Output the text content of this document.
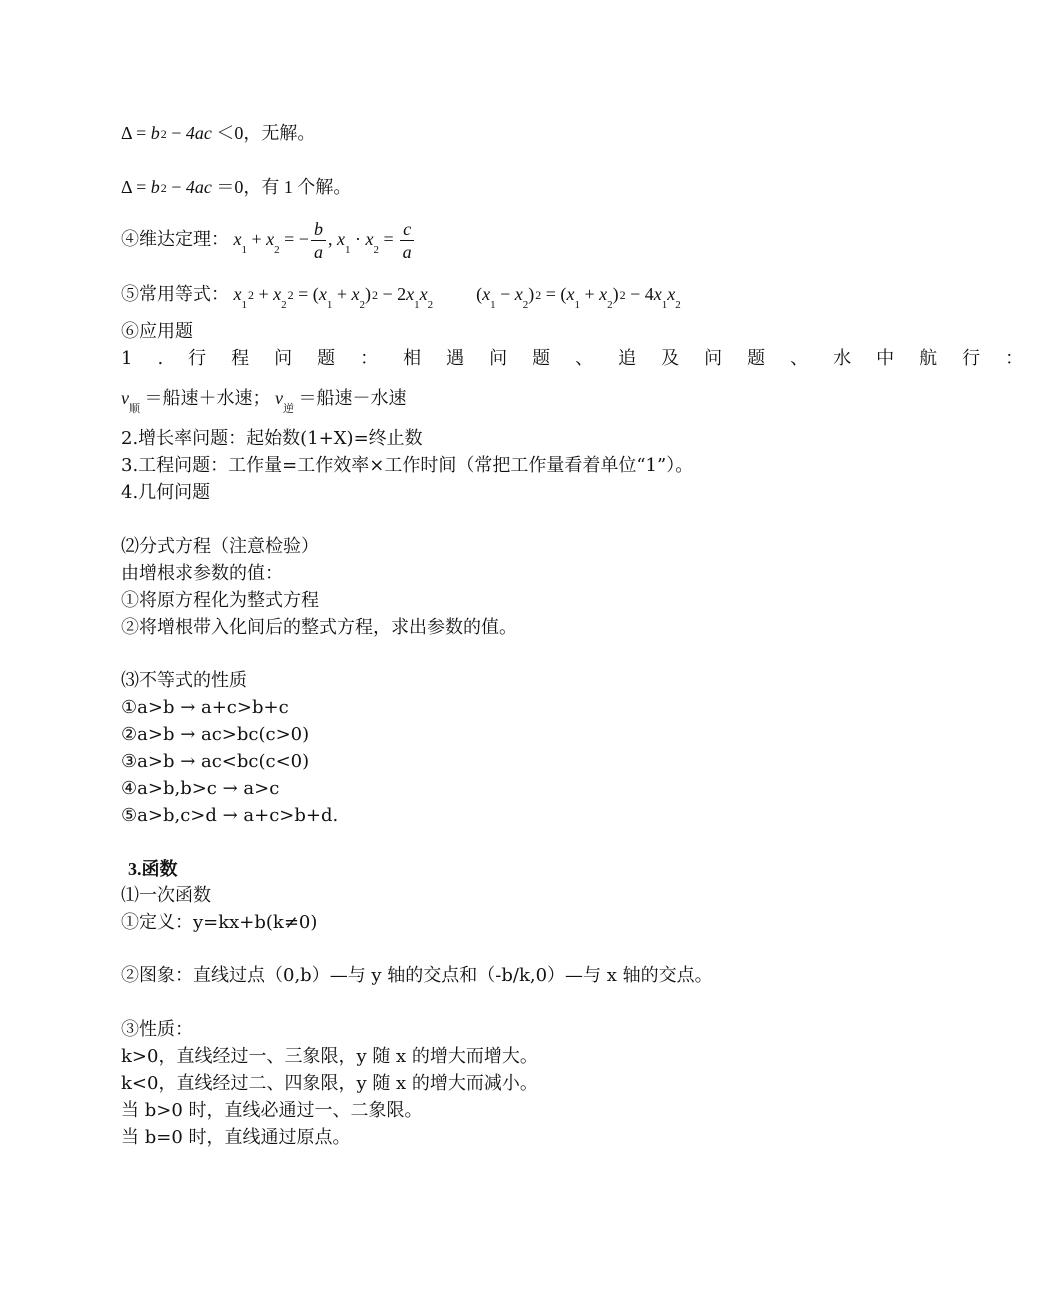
Δ = b2 − 4ac ＜0，无解。
Δ = b2 − 4ac ＝0，有 1 个解。
④维达定理： $x_1 + x_2$ = − $\frac{b}{a}$ , $x_1 \cdot x_2 = \frac{c}{a}$
⑤常用等式： $x_12 + x_22 = (x_1 + x_2)2 - 2x_1x_2$  $(x_1 - x_2)2 = (x_1 + x_2)2 - 4x_1x_2$
⑥应用题
1.行程问题：相遇问题、追及问题、水中航行：
$v_顺$ ＝船速＋水速； $v_逆$ ＝船速－水速
2.增长率问题：起始数(1+X)=终止数
3.工程问题：工作量=工作效率×工作时间（常把工作量看着单位“1”）。
4.几何问题
⑵分式方程（注意检验）
由增根求参数的值：
①将原方程化为整式方程
②将增根带入化间后的整式方程，求出参数的值。
⑶不等式的性质
①a>b → a+c>b+c
②a>b → ac>bc(c>0)
③a>b → ac<bc(c<0)
④a>b,b>c → a>c
⑤a>b,c>d → a+c>b+d.
3.函数
⑴一次函数
①定义：y=kx+b(k≠0)
②图象：直线过点（0,b）—与 y 轴的交点和（-b/k,0）—与 x 轴的交点。
③性质：
k>0，直线经过一、三象限，y 随 x 的增大而增大。
k<0，直线经过二、四象限，y 随 x 的增大而减小。
当 b>0 时，直线必通过一、二象限。
当 b=0 时，直线通过原点。
